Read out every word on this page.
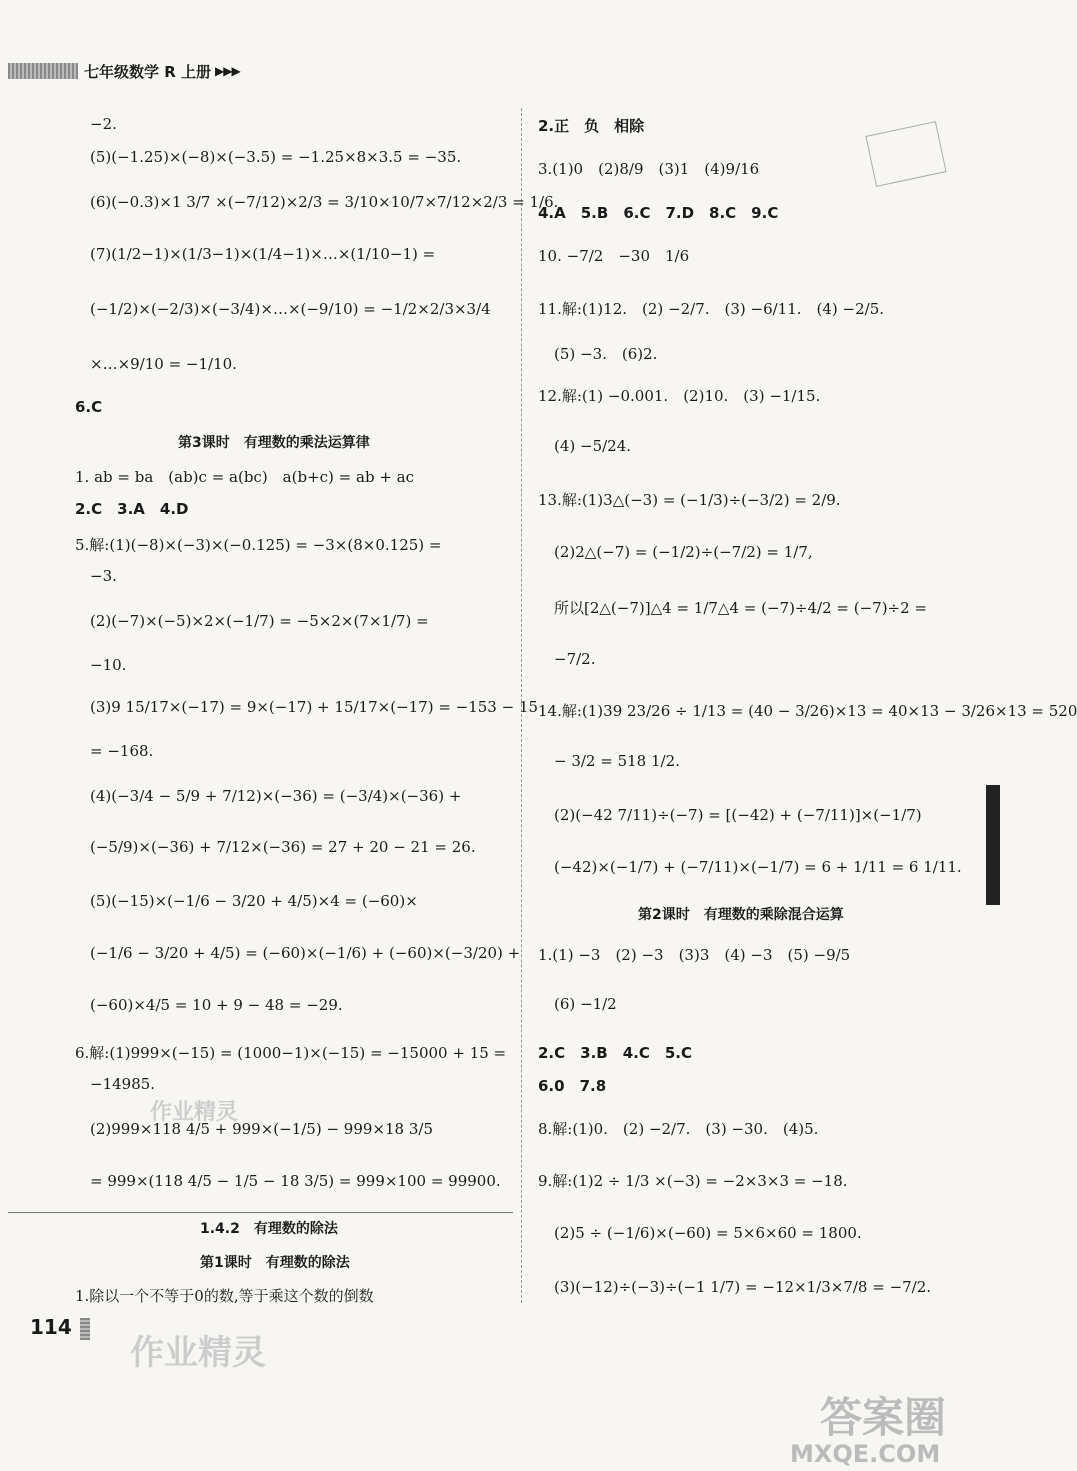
七年级数学 R 上册 ▶▶▶
−2.
(5)(−1.25)×(−8)×(−3.5) = −1.25×8×3.5 = −35.
(6)(−0.3)×1 3/7 ×(−7/12)×2/3 = 3/10×10/7×7/12×2/3 = 1/6.
(7)(1/2−1)×(1/3−1)×(1/4−1)×…×(1/10−1) =
(−1/2)×(−2/3)×(−3/4)×…×(−9/10) = −1/2×2/3×3/4
×…×9/10 = −1/10.
6.C
第3课时　有理数的乘法运算律
1. ab = ba　(ab)c = a(bc)　a(b+c) = ab + ac
2.C　3.A　4.D
5.解:(1)(−8)×(−3)×(−0.125) = −3×(8×0.125) =
−3.
(2)(−7)×(−5)×2×(−1/7) = −5×2×(7×1/7) =
−10.
(3)9 15/17×(−17) = 9×(−17) + 15/17×(−17) = −153 − 15
= −168.
(4)(−3/4 − 5/9 + 7/12)×(−36) = (−3/4)×(−36) +
(−5/9)×(−36) + 7/12×(−36) = 27 + 20 − 21 = 26.
(5)(−15)×(−1/6 − 3/20 + 4/5)×4 = (−60)×
(−1/6 − 3/20 + 4/5) = (−60)×(−1/6) + (−60)×(−3/20) +
(−60)×4/5 = 10 + 9 − 48 = −29.
6.解:(1)999×(−15) = (1000−1)×(−15) = −15000 + 15 =
−14985.
(2)999×118 4/5 + 999×(−1/5) − 999×18 3/5
= 999×(118 4/5 − 1/5 − 18 3/5) = 999×100 = 99900.
1.4.2　有理数的除法
第1课时　有理数的除法
1.除以一个不等于0的数,等于乘这个数的倒数
2.正　负　相除
3.(1)0　(2)8/9　(3)1　(4)9/16
4.A　5.B　6.C　7.D　8.C　9.C
10. −7/2　−30　1/6
11.解:(1)12.　(2) −2/7.　(3) −6/11.　(4) −2/5.
(5) −3.　(6)2.
12.解:(1) −0.001.　(2)10.　(3) −1/15.
(4) −5/24.
13.解:(1)3△(−3) = (−1/3)÷(−3/2) = 2/9.
(2)2△(−7) = (−1/2)÷(−7/2) = 1/7,
所以[2△(−7)]△4 = 1/7△4 = (−7)÷4/2 = (−7)÷2 =
−7/2.
14.解:(1)39 23/26 ÷ 1/13 = (40 − 3/26)×13 = 40×13 − 3/26×13 = 520
− 3/2 = 518 1/2.
(2)(−42 7/11)÷(−7) = [(−42) + (−7/11)]×(−1/7)
(−42)×(−1/7) + (−7/11)×(−1/7) = 6 + 1/11 = 6 1/11.
第2课时　有理数的乘除混合运算
1.(1) −3　(2) −3　(3)3　(4) −3　(5) −9/5
(6) −1/2
2.C　3.B　4.C　5.C
6.0　7.8
8.解:(1)0.　(2) −2/7.　(3) −30.　(4)5.
9.解:(1)2 ÷ 1/3 ×(−3) = −2×3×3 = −18.
(2)5 ÷ (−1/6)×(−60) = 5×6×60 = 1800.
(3)(−12)÷(−3)÷(−1 1/7) = −12×1/3×7/8 = −7/2.
114
作业精灵
作业精灵
答案圈
MXQE.COM
